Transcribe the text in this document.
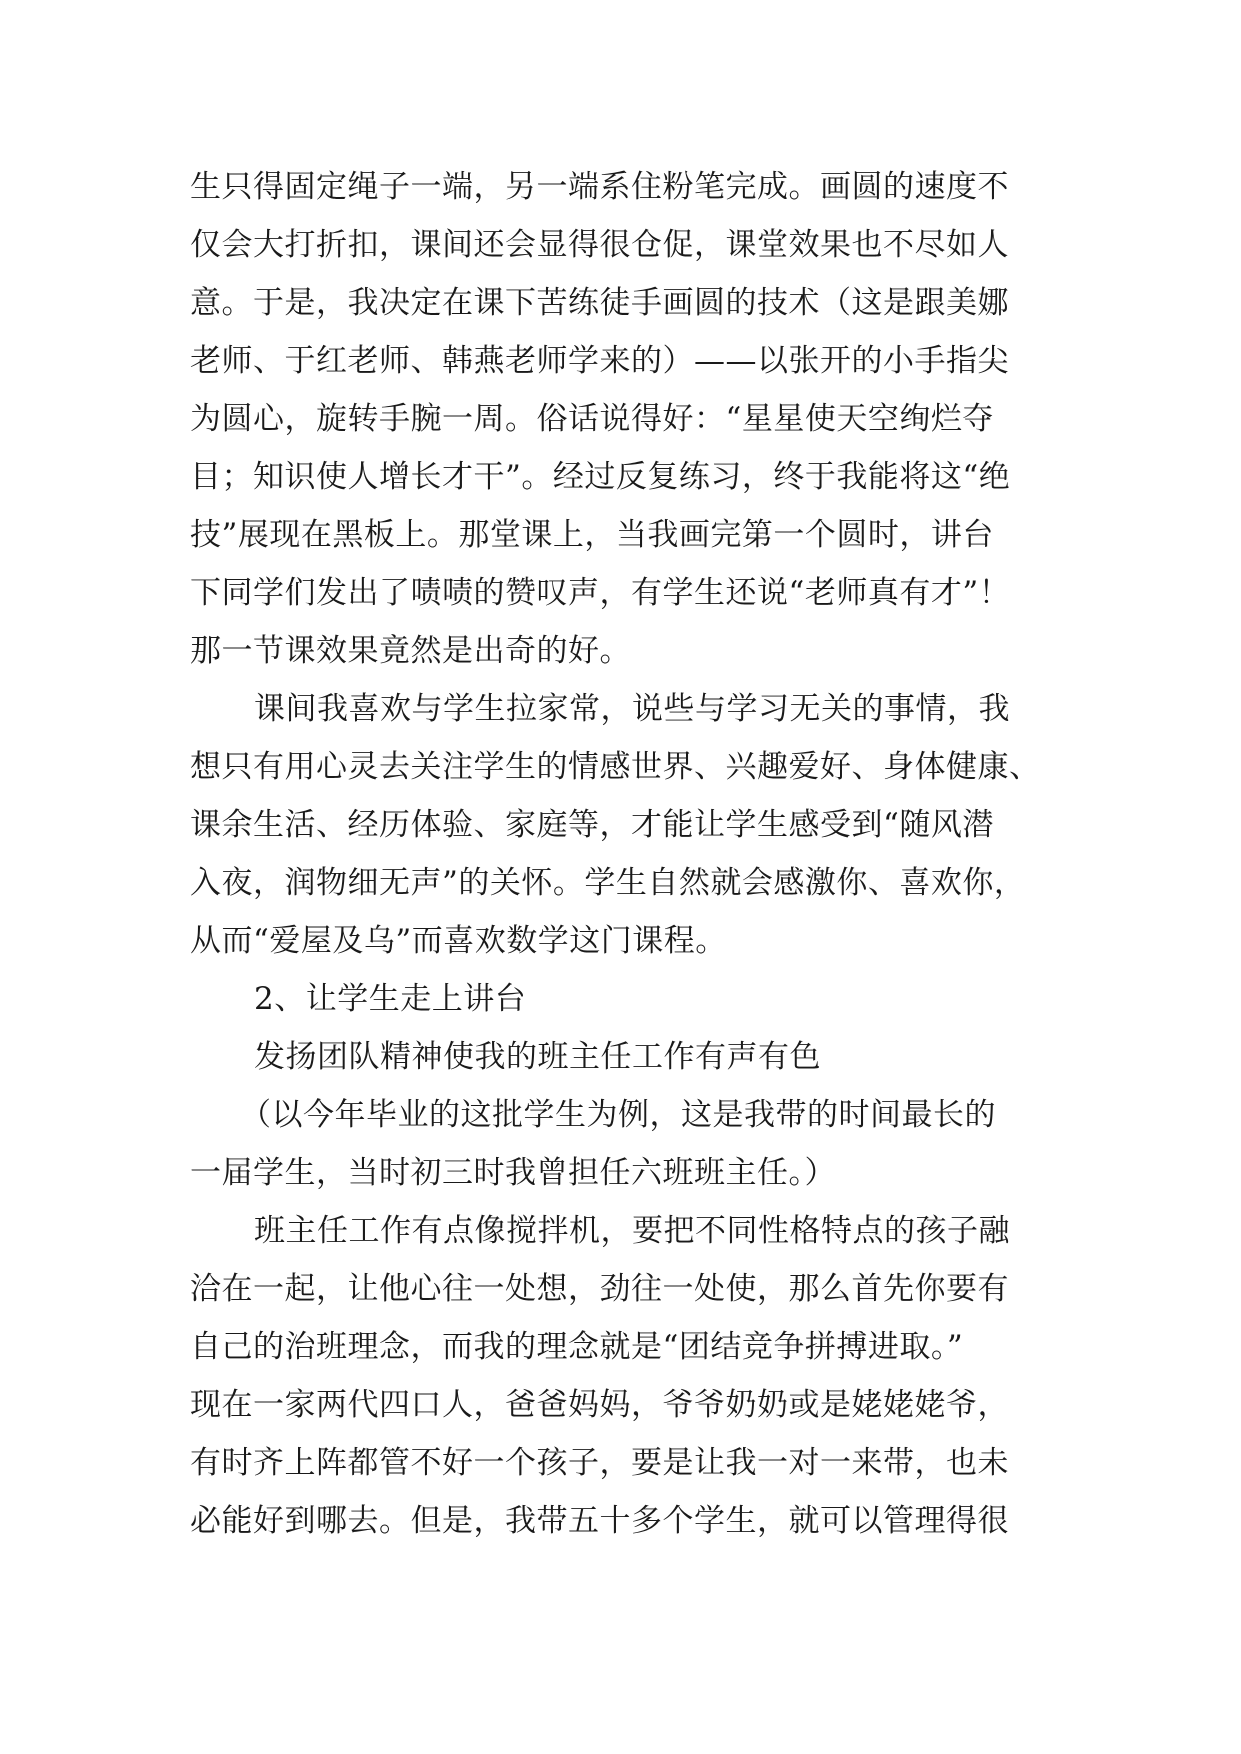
生只得固定绳子一端，另一端系住粉笔完成。画圆的速度不
仅会大打折扣，课间还会显得很仓促，课堂效果也不尽如人
意。于是，我决定在课下苦练徒手画圆的技术（这是跟美娜
老师、于红老师、韩燕老师学来的）——以张开的小手指尖
为圆心，旋转手腕一周。俗话说得好：“星星使天空绚烂夺
目；知识使人增长才干”。经过反复练习，终于我能将这“绝
技”展现在黑板上。那堂课上，当我画完第一个圆时，讲台
下同学们发出了啧啧的赞叹声，有学生还说“老师真有才”！
那一节课效果竟然是出奇的好。
课间我喜欢与学生拉家常，说些与学习无关的事情，我
想只有用心灵去关注学生的情感世界、兴趣爱好、身体健康、
课余生活、经历体验、家庭等，才能让学生感受到“随风潜
入夜，润物细无声”的关怀。学生自然就会感激你、喜欢你，
从而“爱屋及乌”而喜欢数学这门课程。
2、让学生走上讲台
发扬团队精神使我的班主任工作有声有色
（以今年毕业的这批学生为例，这是我带的时间最长的
一届学生，当时初三时我曾担任六班班主任。）
班主任工作有点像搅拌机，要把不同性格特点的孩子融
洽在一起，让他心往一处想，劲往一处使，那么首先你要有
自己的治班理念，而我的理念就是“团结竞争拼搏进取。”
现在一家两代四口人，爸爸妈妈，爷爷奶奶或是姥姥姥爷，
有时齐上阵都管不好一个孩子，要是让我一对一来带，也未
必能好到哪去。但是，我带五十多个学生，就可以管理得很
